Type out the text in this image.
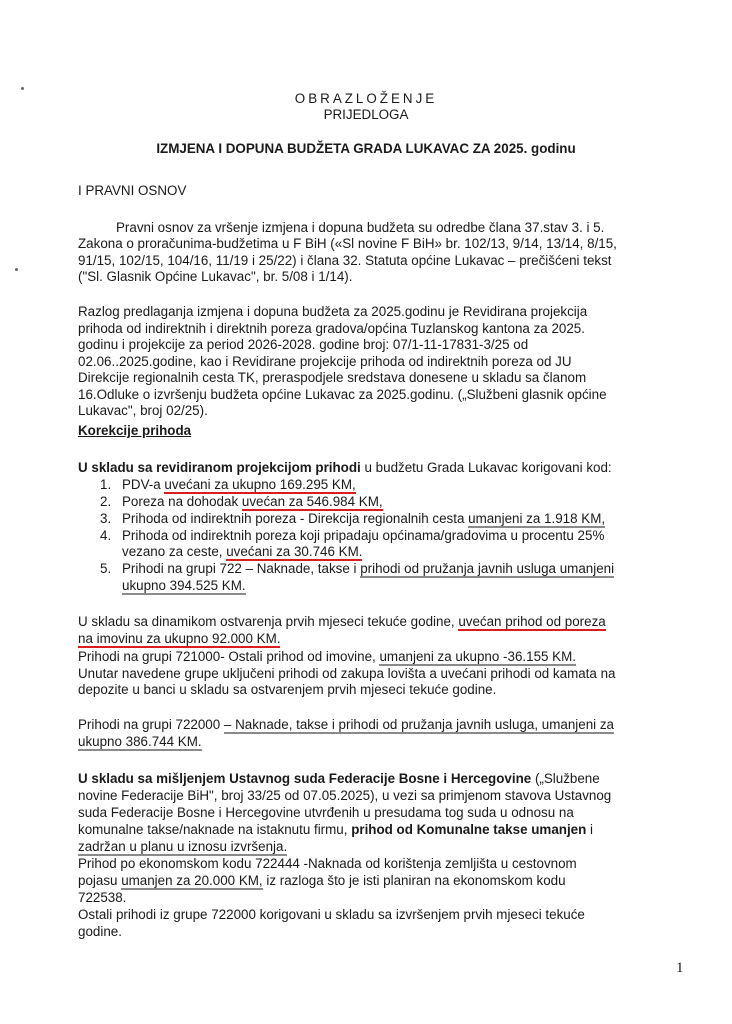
OBRAZLOŽENJE
PRIJEDLOGA
IZMJENA I DOPUNA BUDŽETA GRADA LUKAVAC ZA 2025. godinu
I PRAVNI OSNOV
Pravni osnov za vršenje izmjena i dopuna budžeta su odredbe člana 37.stav 3. i 5.
Zakona o proračunima-budžetima u F BiH («Sl novine F BiH» br. 102/13, 9/14, 13/14, 8/15,
91/15, 102/15, 104/16, 11/19 i 25/22) i člana 32. Statuta općine Lukavac – prečišćeni tekst
("Sl. Glasnik Općine Lukavac", br. 5/08 i 1/14).
Razlog predlaganja izmjena i dopuna budžeta za 2025.godinu je Revidirana projekcija
prihoda od indirektnih i direktnih poreza gradova/općina Tuzlanskog kantona za 2025.
godinu i projekcije za period 2026-2028. godine broj: 07/1-11-17831-3/25 od
02.06..2025.godine, kao i Revidirane projekcije prihoda od indirektnih poreza od JU
Direkcije regionalnih cesta TK, preraspodjele sredstava donesene u skladu sa članom
16.Odluke o izvršenju budžeta općine Lukavac za 2025.godinu. („Službeni glasnik općine
Lukavac", broj 02/25).
Korekcije prihoda
U skladu sa revidiranom projekcijom prihodi u budžetu Grada Lukavac korigovani kod:
1. PDV-a uvećani za ukupno 169.295 KM,
2. Poreza na dohodak uvećan za 546.984 KM,
3. Prihoda od indirektnih poreza - Direkcija regionalnih cesta umanjeni za 1.918 KM,
4. Prihoda od indirektnih poreza koji pripadaju općinama/gradovima u procentu 25%
vezano za ceste, uvećani za 30.746 KM.
5. Prihodi na grupi 722 – Naknade, takse i prihodi od pružanja javnih usluga umanjeni
ukupno 394.525 KM.
U skladu sa dinamikom ostvarenja prvih mjeseci tekuće godine, uvećan prihod od poreza
na imovinu za ukupno 92.000 KM.
Prihodi na grupi 721000- Ostali prihod od imovine, umanjeni za ukupno -36.155 KM.
Unutar navedene grupe uključeni prihodi od zakupa lovišta a uvećani prihodi od kamata na
depozite u banci u skladu sa ostvarenjem prvih mjeseci tekuće godine.
Prihodi na grupi 722000 – Naknade, takse i prihodi od pružanja javnih usluga, umanjeni za
ukupno 386.744 KM.
U skladu sa mišljenjem Ustavnog suda Federacije Bosne i Hercegovine („Službene
novine Federacije BiH", broj 33/25 od 07.05.2025), u vezi sa primjenom stavova Ustavnog
suda Federacije Bosne i Hercegovine utvrđenih u presudama tog suda u odnosu na
komunalne takse/naknade na istaknutu firmu, prihod od Komunalne takse umanjen i
zadržan u planu u iznosu izvršenja.
Prihod po ekonomskom kodu 722444 -Naknada od korištenja zemljišta u cestovnom
pojasu umanjen za 20.000 KM, iz razloga što je isti planiran na ekonomskom kodu
722538.
Ostali prihodi iz grupe 722000 korigovani u skladu sa izvršenjem prvih mjeseci tekuće
godine.
1
